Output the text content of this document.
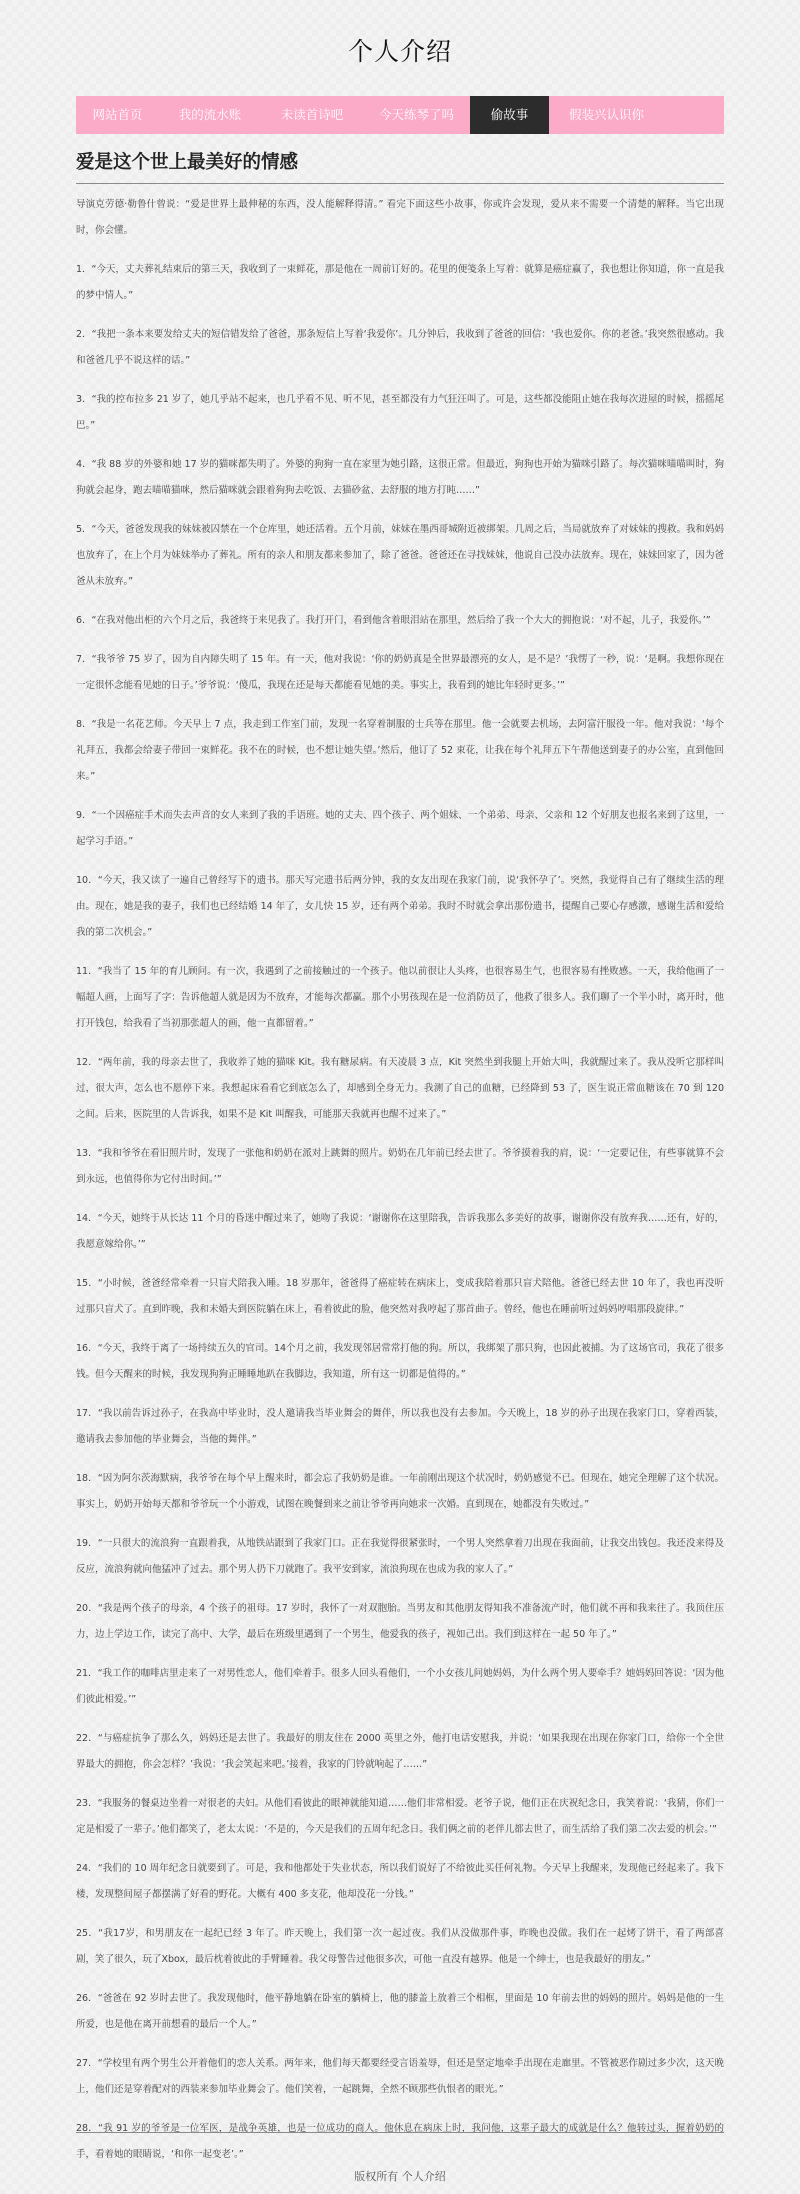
个人介绍
网站首页	我的流水账	未读首诗吧	今天练琴了吗	偷故事	假装兴认识你
爱是这个世上最美好的情感

导演克劳德·勒鲁什曾说：“爱是世界上最伸秘的东西，没人能解释得清。” 看完下面这些小故事，你或许会发现，爱从来不需要一个清楚的解释。当它出现时，你会懂。

1．“今天，丈夫葬礼结束后的第三天，我收到了一束鲜花，那是他在一周前订好的。花里的便笺条上写着：就算是癌症赢了，我也想让你知道，你一直是我的梦中情人。”

2．“我把一条本来要发给丈夫的短信错发给了爸爸，那条短信上写着‘我爱你’。几分钟后，我收到了爸爸的回信：‘我也爱你。你的老爸。’我突然很感动。我和爸爸几乎不说这样的话。”

3．“我的控布拉多 21 岁了，她几乎站不起来，也几乎看不见、听不见，甚至都没有力气狂汪叫了。可是，这些都没能阻止她在我每次进屋的时候，摇摇尾巴。”

4．“我 88 岁的外婆和她 17 岁的猫咪都失明了。外婆的狗狗一直在家里为她引路，这很正常。但最近，狗狗也开始为猫咪引路了。每次猫咪喵喵叫时，狗狗就会起身，跑去喵喵猫咪，然后猫咪就会跟着狗狗去吃饭、去猫砂盆、去舒服的地方打盹……”

5．“今天，爸爸发现我的妹妹被囚禁在一个仓库里，她还活着。五个月前，妹妹在墨西哥城附近被绑架。几周之后，当局就放弃了对妹妹的搜救。我和妈妈也放弃了，在上个月为妹妹举办了葬礼。所有的亲人和朋友都来参加了，除了爸爸。爸爸还在寻找妹妹，他说自己没办法放弃。现在，妹妹回家了，因为爸爸从未放弃。”

6．“在我对他出柜的六个月之后，我爸终于来见我了。我打开门，看到他含着眼泪站在那里，然后给了我一个大大的拥抱说：‘对不起，儿子，我爱你。’”

7．“我爷爷 75 岁了，因为自内障失明了 15 年。有一天，他对我说：‘你的奶奶真是全世界最漂亮的女人，是不是？’我愣了一秒，说：‘是啊。我想你现在一定很怀念能看见她的日子。’爷爷说：‘傻瓜，我现在还是每天都能看见她的美。事实上，我看到的她比年轻时更多。’”

8．“我是一名花艺师。今天早上 7 点，我走到工作室门前，发现一名穿着制服的士兵等在那里。他一会就要去机场，去阿富汗服役一年。他对我说：‘每个礼拜五，我都会给妻子带回一束鲜花。我不在的时候，也不想让她失望。’然后，他订了 52 束花，让我在每个礼拜五下午帮他送到妻子的办公室，直到他回来。”

9．“一个因癌症手术而失去声音的女人来到了我的手语班。她的丈夫、四个孩子、两个姐妹、一个弟弟、母亲、父亲和 12 个好朋友也报名来到了这里，一起学习手语。”

10．“今天，我又读了一遍自己曾经写下的遗书。那天写完遗书后两分钟，我的女友出现在我家门前，说‘我怀孕了’。突然，我觉得自己有了继续生活的理由。现在，她是我的妻子，我们也已经结婚 14 年了，女儿快 15 岁，还有两个弟弟。我时不时就会拿出那份遗书，提醒自己要心存感激，感谢生活和爱给我的第二次机会。”

11．“我当了 15 年的育儿顾问。有一次，我遇到了之前接触过的一个孩子。他以前很让人头疼，也很容易生气，也很容易有挫败感。一天，我给他画了一幅超人画，上面写了字：告诉他超人就是因为不放弃，才能每次都赢。那个小男孩现在是一位消防员了，他救了很多人。我们聊了一个半小时，离开时，他打开钱包，给我看了当初那张超人的画，他一直都留着。”

12．“两年前，我的母亲去世了，我收养了她的猫咪 Kit。我有糖尿病。有天凌晨 3 点，Kit 突然坐到我腿上开始大叫，我就醒过来了。我从没听它那样叫过，很大声，怎么也不愿停下来。我想起床看看它到底怎么了，却感到全身无力。我测了自己的血糖，已经降到 53 了，医生说正常血糖该在 70 到 120 之间。后来，医院里的人告诉我，如果不是 Kit 叫醒我，可能那天我就再也醒不过来了。”

13．“我和爷爷在看旧照片时，发现了一张他和奶奶在派对上跳舞的照片。奶奶在几年前已经去世了。爷爷摸着我的肩，说：‘一定要记住，有些事就算不会到永远，也值得你为它付出时间。’”

14．“今天，她终于从长达 11 个月的昏迷中醒过来了，她吻了我说：‘谢谢你在这里陪我，告诉我那么多美好的故事，谢谢你没有放弃我……还有，好的，我愿意嫁给你。’”

15．“小时候，爸爸经常牵着一只盲犬陪我入睡。18 岁那年，爸爸得了癌症转在病床上，变成我陪着那只盲犬陪他。爸爸已经去世 10 年了，我也再没听过那只盲犬了。直到昨晚，我和未婚夫到医院躺在床上，看着彼此的脸，他突然对我哼起了那首曲子。曾经，他也在睡前听过妈妈哼唱那段旋律。”

16．“今天，我终于离了一场持续五久的官司。14个月之前，我发现邻居常常打他的狗。所以，我绑架了那只狗，也因此被捕。为了这场官司，我花了很多钱。但今天醒来的时候，我发现狗狗正睡睡地趴在我脚边，我知道，所有这一切都是值得的。”

17．“我以前告诉过孙子，在我高中毕业时，没人邀请我当毕业舞会的舞伴，所以我也没有去参加。今天晚上，18 岁的孙子出现在我家门口，穿着西装，邀请我去参加他的毕业舞会，当他的舞伴。”

18．“因为阿尔茨海默病，我爷爷在每个早上醒来时，都会忘了我奶奶是谁。一年前刚出现这个状况时，奶奶感觉不已。但现在，她完全理解了这个状况。事实上，奶奶开始每天都和爷爷玩一个小游戏，试图在晚餐到来之前让爷爷再向她求一次婚。直到现在，她都没有失败过。”

19．“一只很大的流浪狗一直跟着我，从地铁站跟到了我家门口。正在我觉得很紧张时，一个男人突然拿着刀出现在我面前，让我交出钱包。我还没来得及反应，流浪狗就向他猛冲了过去。那个男人扔下刀就跑了。我平安到家，流浪狗现在也成为我的家人了。”

20．“我是两个孩子的母亲，4 个孩子的祖母。17 岁时，我怀了一对双胞胎。当男友和其他朋友得知我不准备流产时，他们就不再和我来往了。我顶住压力，边上学边工作，读完了高中、大学，最后在班级里遇到了一个男生，他爱我的孩子，视如己出。我们到这样在一起 50 年了。”

21．“我工作的咖啡店里走来了一对男性恋人，他们牵着手。很多人回头看他们，一个小女孩儿问她妈妈，为什么两个男人要牵手？她妈妈回答说：‘因为他们彼此相爱。’”

22．“与癌症抗争了那么久，妈妈还是去世了。我最好的朋友住在 2000 英里之外，他打电话安慰我，并说：‘如果我现在出现在你家门口，给你一个全世界最大的拥抱，你会怎样？’我说：‘我会笑起来吧。’接着，我家的门铃就响起了……”

23．“我服务的餐桌边坐着一对很老的夫妇。从他们看彼此的眼神就能知道……他们非常相爱。老爷子说，他们正在庆祝纪念日，我笑着说：‘我猜，你们一定是相爱了一辈子。’他们都笑了，老太太说：‘不是的，今天是我们的五周年纪念日。我们俩之前的老伴儿都去世了，而生活给了我们第二次去爱的机会。’”

24．“我们的 10 周年纪念日就要到了。可是，我和他都处于失业状态，所以我们说好了不给彼此买任何礼物。今天早上我醒来，发现他已经起来了。我下楼，发现整间屋子都摆满了好看的野花。大概有 400 多支花，他却没花一分钱。”

25．“我17岁，和男朋友在一起纪已经 3 年了。昨天晚上，我们第一次一起过夜。我们从没做那件事，昨晚也没做。我们在一起烤了饼干，看了两部喜剧，笑了很久，玩了Xbox，最后枕着彼此的手臂睡着。我父母警告过他很多次，可他一直没有越界。他是一个绅士，也是我最好的朋友。”

26．“爸爸在 92 岁时去世了。我发现他时，他平静地躺在卧室的躺椅上，他的膝盖上放着三个相框，里面是 10 年前去世的妈妈的照片。妈妈是他的一生所爱，也是他在离开前想看的最后一个人。”

27．“学校里有两个男生公开着他们的恋人关系。两年来，他们每天都要经受言语羞辱，但还是坚定地牵手出现在走廊里。不管被恶作剧过多少次，这天晚上，他们还是穿着配对的西装来参加毕业舞会了。他们笑着，一起跳舞，全然不顾那些仇恨者的眼光。”

28．“我 91 岁的爷爷是一位军医，是战争英雄，也是一位成功的商人。他休息在病床上时，我问他，这辈子最大的成就是什么？他转过头，握着奶奶的手，看着她的眼睛说，‘和你一起变老’。”

版权所有 个人介绍
